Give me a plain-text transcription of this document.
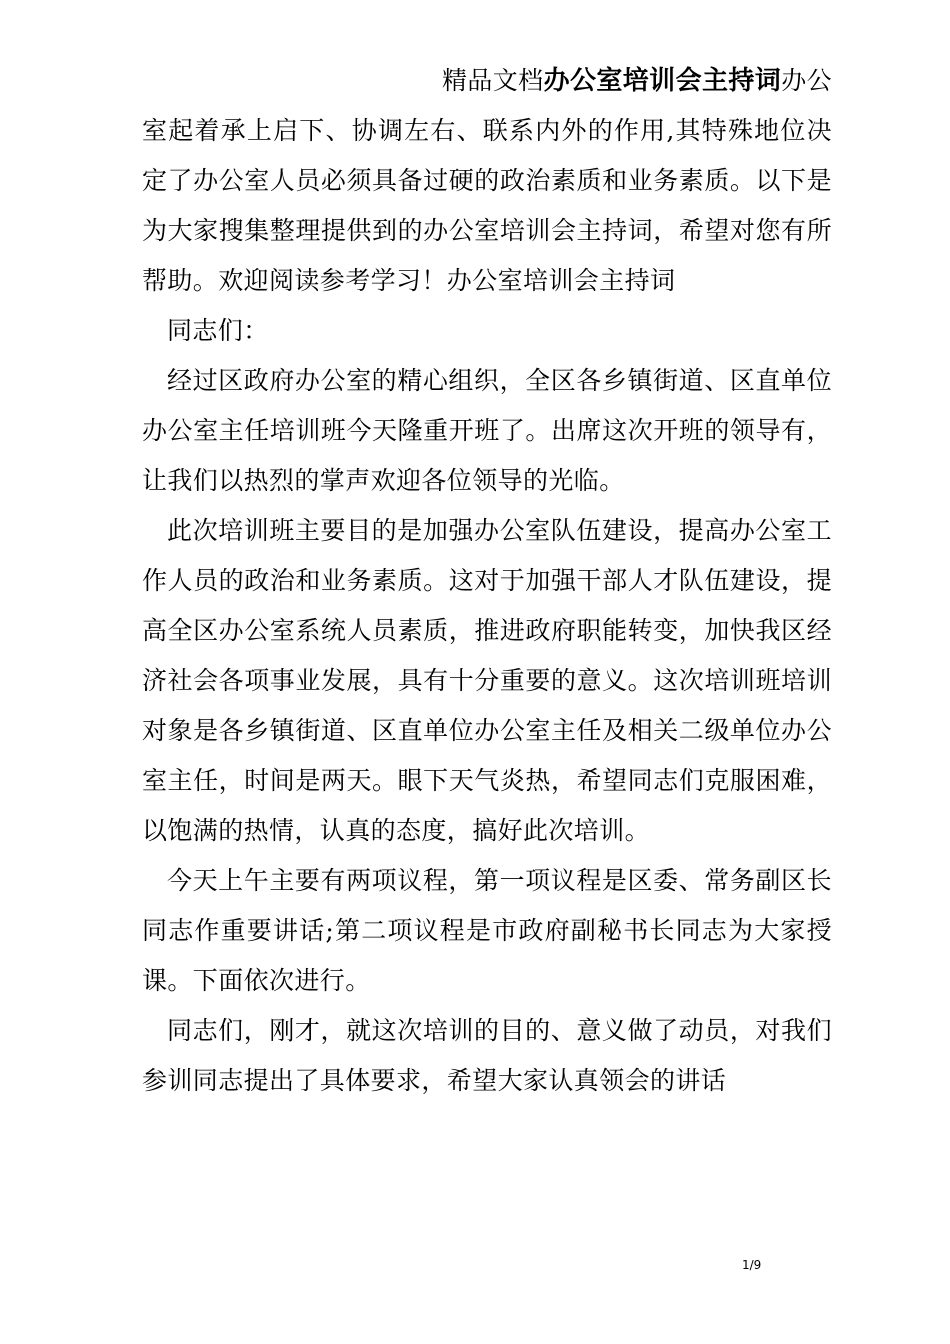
精品文档办公室培训会主持词办公

室起着承上启下、协调左右、联系内外的作用,其特殊地位决定了办公室人员必须具备过硬的政治素质和业务素质。以下是为大家搜集整理提供到的办公室培训会主持词，希望对您有所帮助。欢迎阅读参考学习！办公室培训会主持词

同志们：

经过区政府办公室的精心组织，全区各乡镇街道、区直单位办公室主任培训班今天隆重开班了。出席这次开班的领导有，让我们以热烈的掌声欢迎各位领导的光临。

此次培训班主要目的是加强办公室队伍建设，提高办公室工作人员的政治和业务素质。这对于加强干部人才队伍建设，提高全区办公室系统人员素质，推进政府职能转变，加快我区经济社会各项事业发展，具有十分重要的意义。这次培训班培训对象是各乡镇街道、区直单位办公室主任及相关二级单位办公室主任，时间是两天。眼下天气炎热，希望同志们克服困难，以饱满的热情，认真的态度，搞好此次培训。

今天上午主要有两项议程，第一项议程是区委、常务副区长同志作重要讲话;第二项议程是市政府副秘书长同志为大家授课。下面依次进行。

同志们，刚才，就这次培训的目的、意义做了动员，对我们参训同志提出了具体要求，希望大家认真领会的讲话

1/9
